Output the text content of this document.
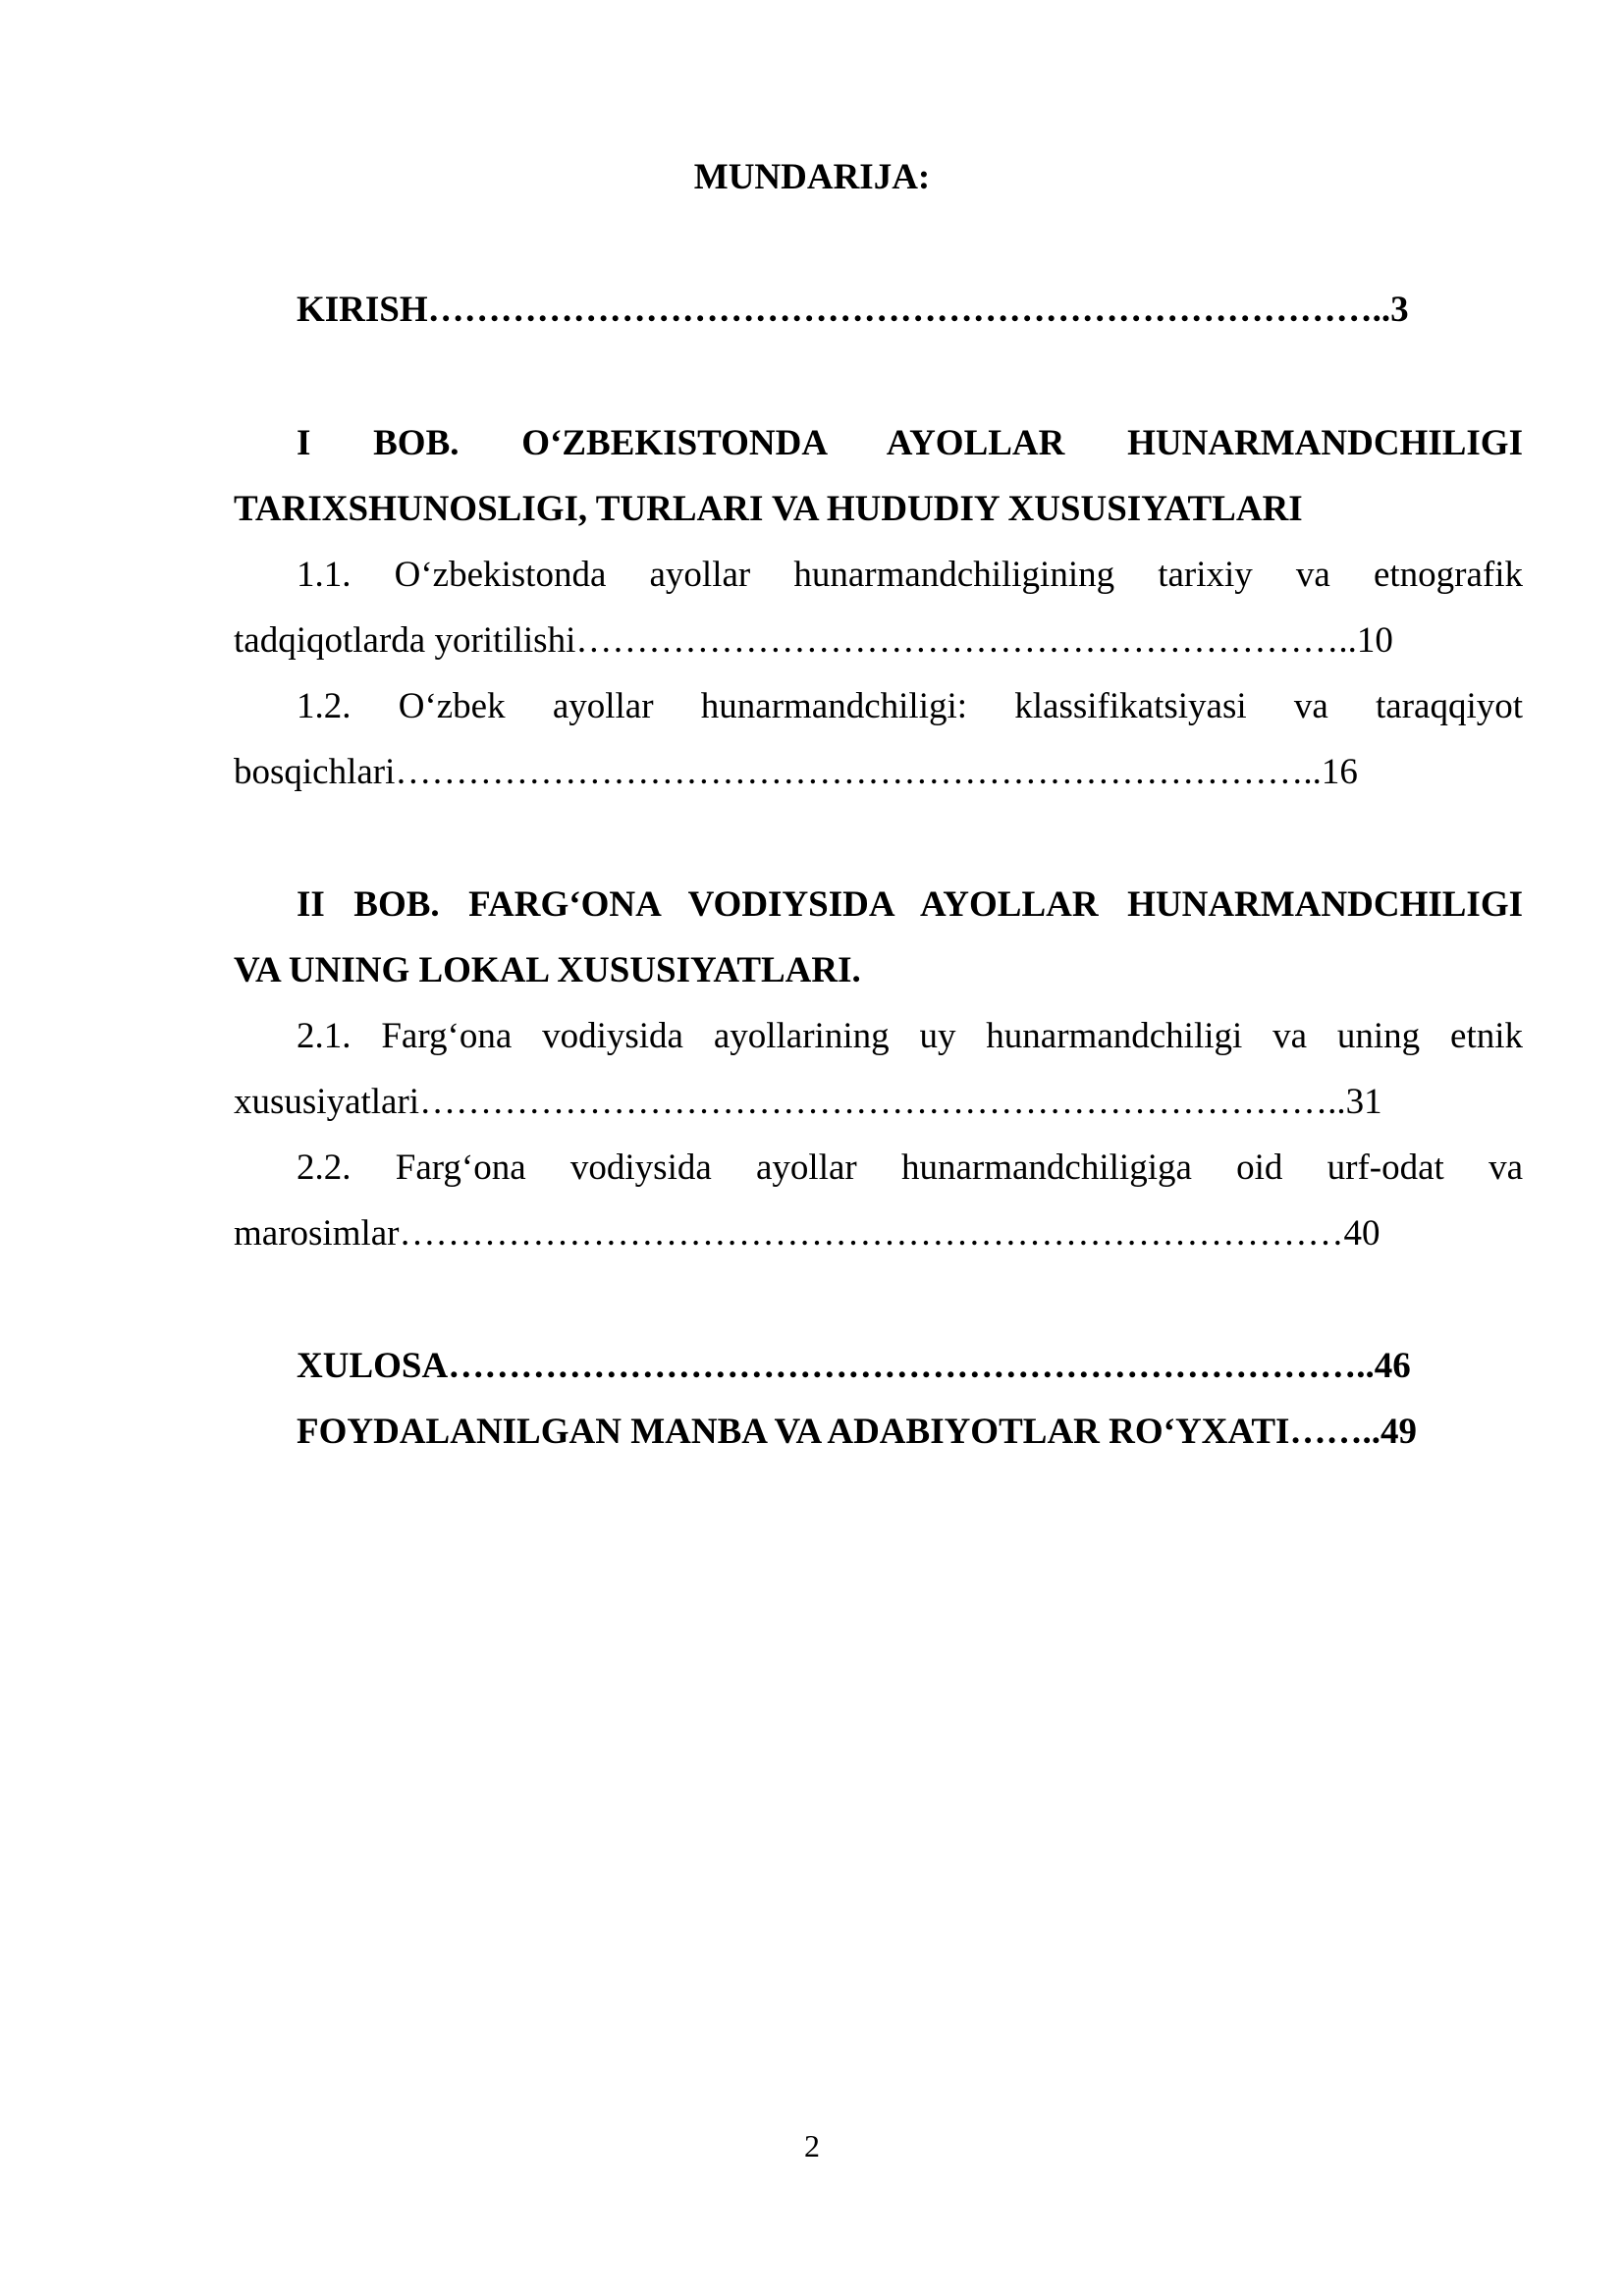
MUNDARIJA:
KIRISH……………………………………………………………………..3
I BOB. O‘ZBEKISTONDA AYOLLAR HUNARMANDCHILIGI
TARIXSHUNOSLIGI, TURLARI VA HUDUDIY XUSUSIYATLARI
1.1. O‘zbekistonda ayollar hunarmandchiligining tarixiy va etnografik
tadqiqotlarda yoritilishi………………………………………………………..10
1.2. O‘zbek ayollar hunarmandchiligi: klassifikatsiyasi va taraqqiyot
bosqichlari…………………………………………………………………..16
II BOB. FARG‘ONA VODIYSIDA AYOLLAR HUNARMANDCHILIGI
VA UNING LOKAL XUSUSIYATLARI.
2.1. Farg‘ona vodiysida ayollarining uy hunarmandchiligi va uning etnik
xususiyatlari…………………………………………………………………..31
2.2. Farg‘ona vodiysida ayollar hunarmandchiligiga oid urf-odat va
marosimlar……………………………………………………………………40
XULOSA…………………………………………………………………..46
FOYDALANILGAN MANBA VA ADABIYOTLAR RO‘YXATI……..49
2
